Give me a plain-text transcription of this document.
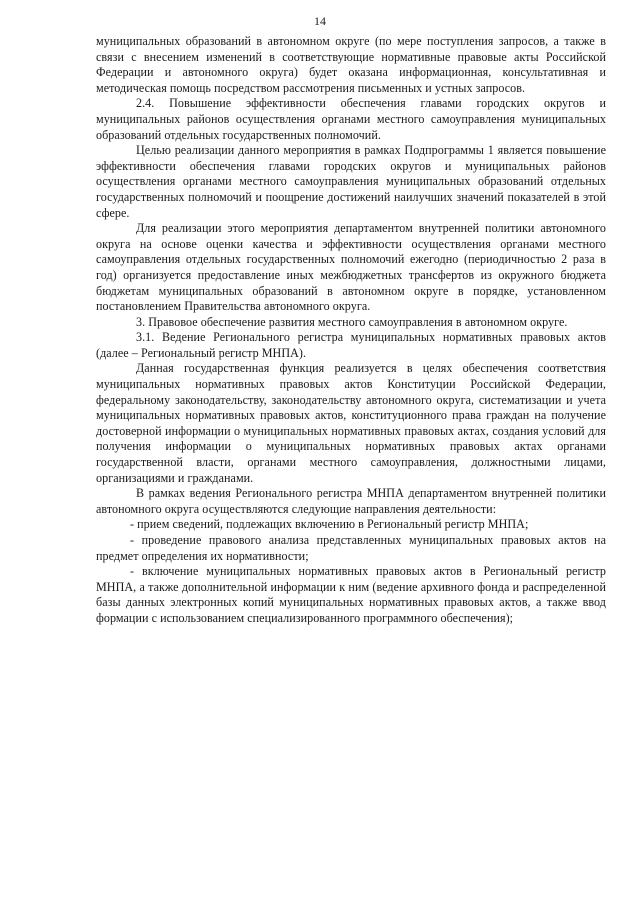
14

муниципальных образований в автономном округе (по мере поступления запросов, а также в связи с внесением изменений в соответствующие нормативные правовые акты Российской Федерации и автономного округа) будет оказана информационная, консультативная и методическая помощь посредством рассмотрения письменных и устных запросов.

2.4. Повышение эффективности обеспечения главами городских округов и муниципальных районов осуществления органами местного самоуправления муниципальных образований отдельных государственных полномочий.

Целью реализации данного мероприятия в рамках Подпрограммы 1 является повышение эффективности обеспечения главами городских округов и муниципальных районов осуществления органами местного самоуправления муниципальных образований отдельных государственных полномочий и поощрение достижений наилучших значений показателей в этой сфере.

Для реализации этого мероприятия департаментом внутренней политики автономного округа на основе оценки качества и эффективности осуществления органами местного самоуправления отдельных государственных полномочий ежегодно (периодичностью 2 раза в год) организуется предоставление иных межбюджетных трансфертов из окружного бюджета бюджетам муниципальных образований в автономном округе в порядке, установленном постановлением Правительства автономного округа.

3. Правовое обеспечение развития местного самоуправления в автономном округе.

3.1. Ведение Регионального регистра муниципальных нормативных правовых актов (далее – Региональный регистр МНПА).

Данная государственная функция реализуется в целях обеспечения соответствия муниципальных нормативных правовых актов Конституции Российской Федерации, федеральному законодательству, законодательству автономного округа, систематизации и учета муниципальных нормативных правовых актов, конституционного права граждан на получение достоверной информации о муниципальных нормативных правовых актах, создания условий для получения информации о муниципальных нормативных правовых актах органами государственной власти, органами местного самоуправления, должностными лицами, организациями и гражданами.

В рамках ведения Регионального регистра МНПА департаментом внутренней политики автономного округа осуществляются следующие направления деятельности:

- прием сведений, подлежащих включению в Региональный регистр МНПА;

- проведение правового анализа представленных муниципальных правовых актов на предмет определения их нормативности;

- включение муниципальных нормативных правовых актов в Региональный регистр МНПА, а также дополнительной информации к ним (ведение архивного фонда и распределенной базы данных электронных копий муниципальных нормативных правовых актов, а также ввод формации с использованием специализированного программного обеспечения);
